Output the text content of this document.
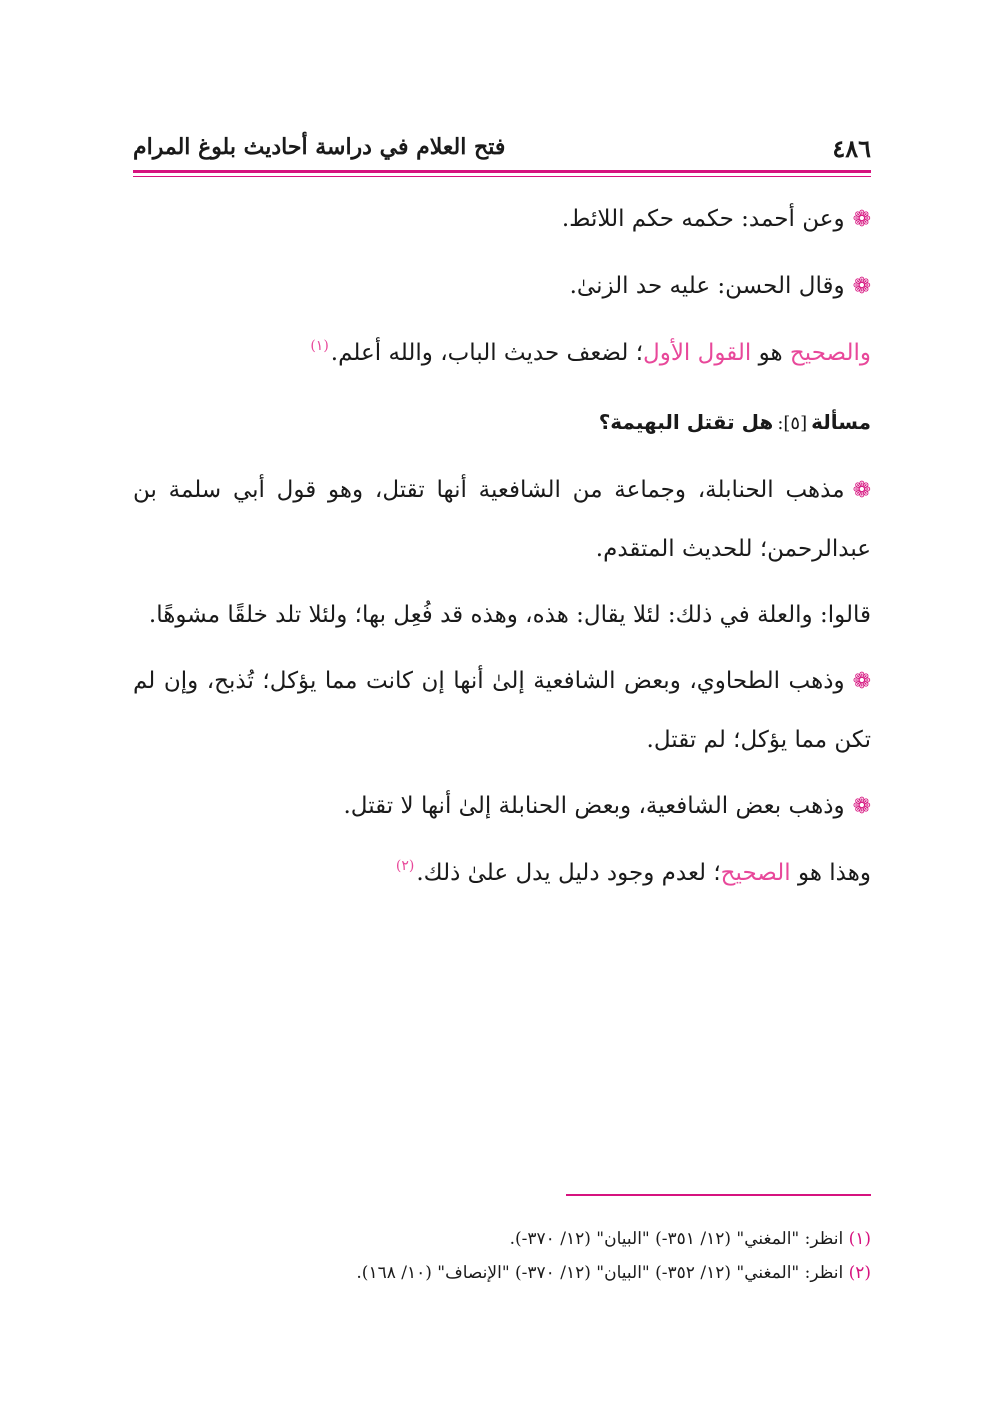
٤٨٦
فتح العلام في دراسة أحاديث بلوغ المرام

❁وعن أحمد: حكمه حكم اللائط.

❁وقال الحسن: عليه حد الزنىٰ.

والصحيح هو القول الأول؛ لضعف حديث الباب، والله أعلم.$^{(١)}$

مسألة[٥]:هل تقتل البهيمة؟

❁مذهب الحنابلة، وجماعة من الشافعية أنها تقتل، وهو قول أبي سلمة بن عبدالرحمن؛ للحديث المتقدم.

قالوا: والعلة في ذلك: لئلا يقال: هذه، وهذه قد فُعِل بها؛ ولئلا تلد خلقًا مشوهًا.

❁وذهب الطحاوي، وبعض الشافعية إلىٰ أنها إن كانت مما يؤكل؛ تُذبح، وإن لم تكن مما يؤكل؛ لم تقتل.

❁وذهب بعض الشافعية، وبعض الحنابلة إلىٰ أنها لا تقتل.

وهذا هو الصحيح؛ لعدم وجود دليل يدل علىٰ ذلك.$^{(٢)}$

(١) انظر: "المغني" (١٢/ ٣٥١-) "البيان" (١٢/ ٣٧٠-).
(٢) انظر: "المغني" (١٢/ ٣٥٢-) "البيان" (١٢/ ٣٧٠-) "الإنصاف" (١٠/ ١٦٨).
